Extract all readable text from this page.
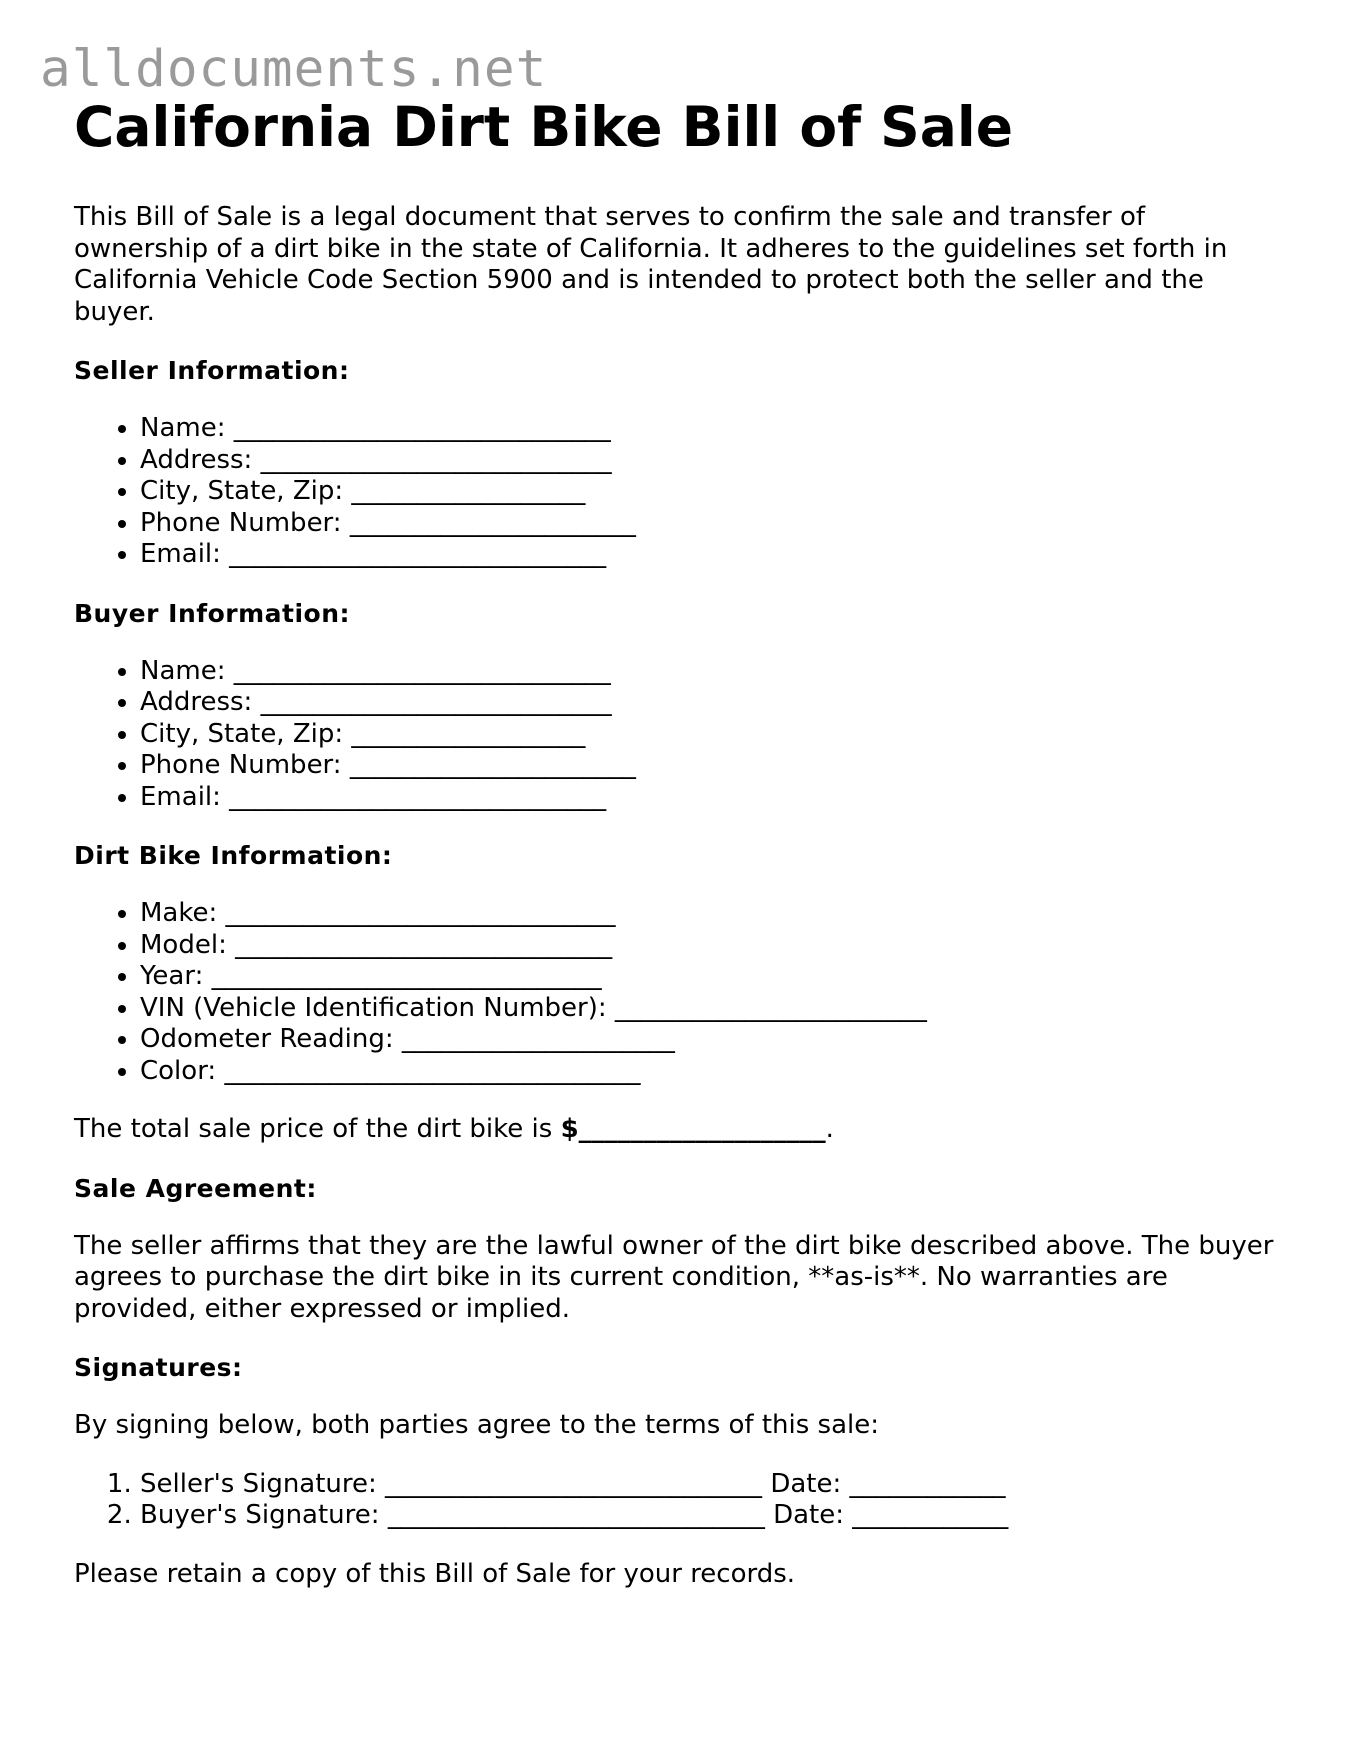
alldocuments.net
California Dirt Bike Bill of Sale

This Bill of Sale is a legal document that serves to confirm the sale and transfer of ownership of a dirt bike in the state of California. It adheres to the guidelines set forth in California Vehicle Code Section 5900 and is intended to protect both the seller and the buyer.

Seller Information:
• Name: _____________________________
• Address: ___________________________
• City, State, Zip: __________________
• Phone Number: ______________________
• Email: _____________________________
Buyer Information:
• Name: _____________________________
• Address: ___________________________
• City, State, Zip: __________________
• Phone Number: ______________________
• Email: _____________________________
Dirt Bike Information:
• Make: ______________________________
• Model: _____________________________
• Year: ______________________________
• VIN (Vehicle Identification Number): ________________________
• Odometer Reading: _____________________
• Color: ________________________________

The total sale price of the dirt bike is $___________________.

Sale Agreement:

The seller affirms that they are the lawful owner of the dirt bike described above. The buyer agrees to purchase the dirt bike in its current condition, **as-is**. No warranties are provided, either expressed or implied.

Signatures:

By signing below, both parties agree to the terms of this sale:

1. Seller's Signature: _____________________________ Date: ____________
2. Buyer's Signature: _____________________________ Date: ____________

Please retain a copy of this Bill of Sale for your records.
